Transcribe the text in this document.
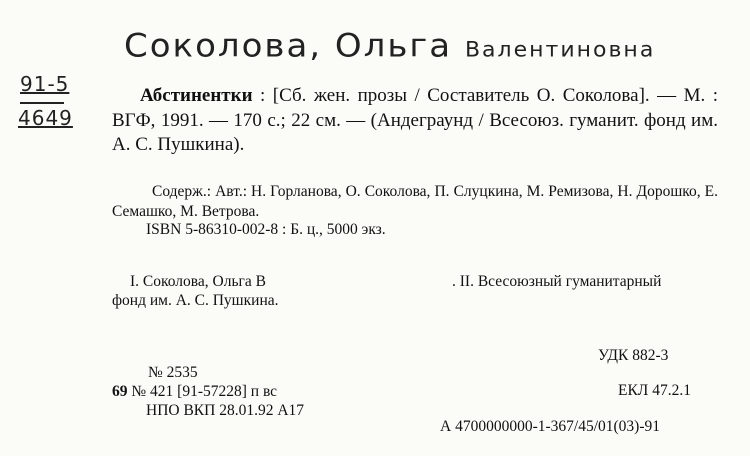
Соколова, Ольга Валентиновна
91-5
4649
Абстинентки : [Сб. жен. прозы / Составитель О. Соколова]. — М. : ВГФ, 1991. — 170 с.; 22 см. — (Андеграунд / Всесоюз. гуманит. фонд им. А. С. Пушкина).
Содерж.: Авт.: Н. Горланова, О. Соколова, П. Слуцкина, М. Ремизова, Н. Дорошко, Е. Семашко, М. Ветрова.
ISBN 5-86310-002-8 : Б. ц., 5000 экз.
I. Соколова, Ольга В	. II. Всесоюзный гуманитарный
фонд им. А. С. Пушкина.
№ 2535
69 № 421 [91-57228] п вс
НПО ВКП 28.01.92 А17
УДК 882-3
ЕКЛ 47.2.1
А 4700000000-1-367/45/01(03)-91
